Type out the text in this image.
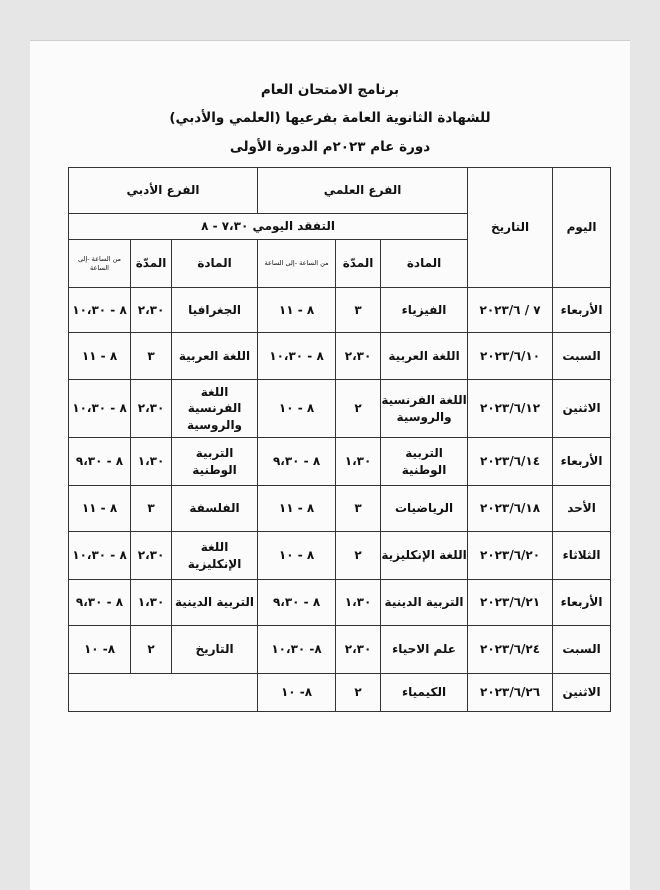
برنامج الامتحان العام
للشهادة الثانوية العامة بفرعيها (العلمي والأدبي)
دورة عام ٢٠٢٣م الدورة الأولى
اليوم	التاريخ	الفرع العلمي			الفرع الأدبي		
		التفقد اليومي ٧،٣٠ - ٨					
		المادة	المدّة	من الساعة -إلى الساعة	المادة	المدّة	من الساعة -إلى الساعة
الأربعاء	٧ / ٢٠٢٣/٦	الفيزياء	٣	٨ - ١١	الجغرافيا	٢،٣٠	٨ - ١٠،٣٠
السبت	٢٠٢٣/٦/١٠	اللغة العربية	٢،٣٠	٨ - ١٠،٣٠	اللغة العربية	٣	٨ - ١١
الاثنين	٢٠٢٣/٦/١٢	اللغة الفرنسية والروسية	٢	٨ - ١٠	اللغة الفرنسية والروسية	٢،٣٠	٨ - ١٠،٣٠
الأربعاء	٢٠٢٣/٦/١٤	التربية الوطنية	١،٣٠	٨ - ٩،٣٠	التربية الوطنية	١،٣٠	٨ - ٩،٣٠
الأحد	٢٠٢٣/٦/١٨	الرياضيات	٣	٨ - ١١	الفلسفة	٣	٨ - ١١
الثلاثاء	٢٠٢٣/٦/٢٠	اللغة الإنكليزية	٢	٨ - ١٠	اللغة الإنكليزية	٢،٣٠	٨ - ١٠،٣٠
الأربعاء	٢٠٢٣/٦/٢١	التربية الدينية	١،٣٠	٨ - ٩،٣٠	التربية الدينية	١،٣٠	٨ - ٩،٣٠
السبت	٢٠٢٣/٦/٢٤	علم الاحياء	٢،٣٠	٨- ١٠،٣٠	التاريخ	٢	٨- ١٠
الاثنين	٢٠٢٣/٦/٢٦	الكيمياء	٢	٨- ١٠			
